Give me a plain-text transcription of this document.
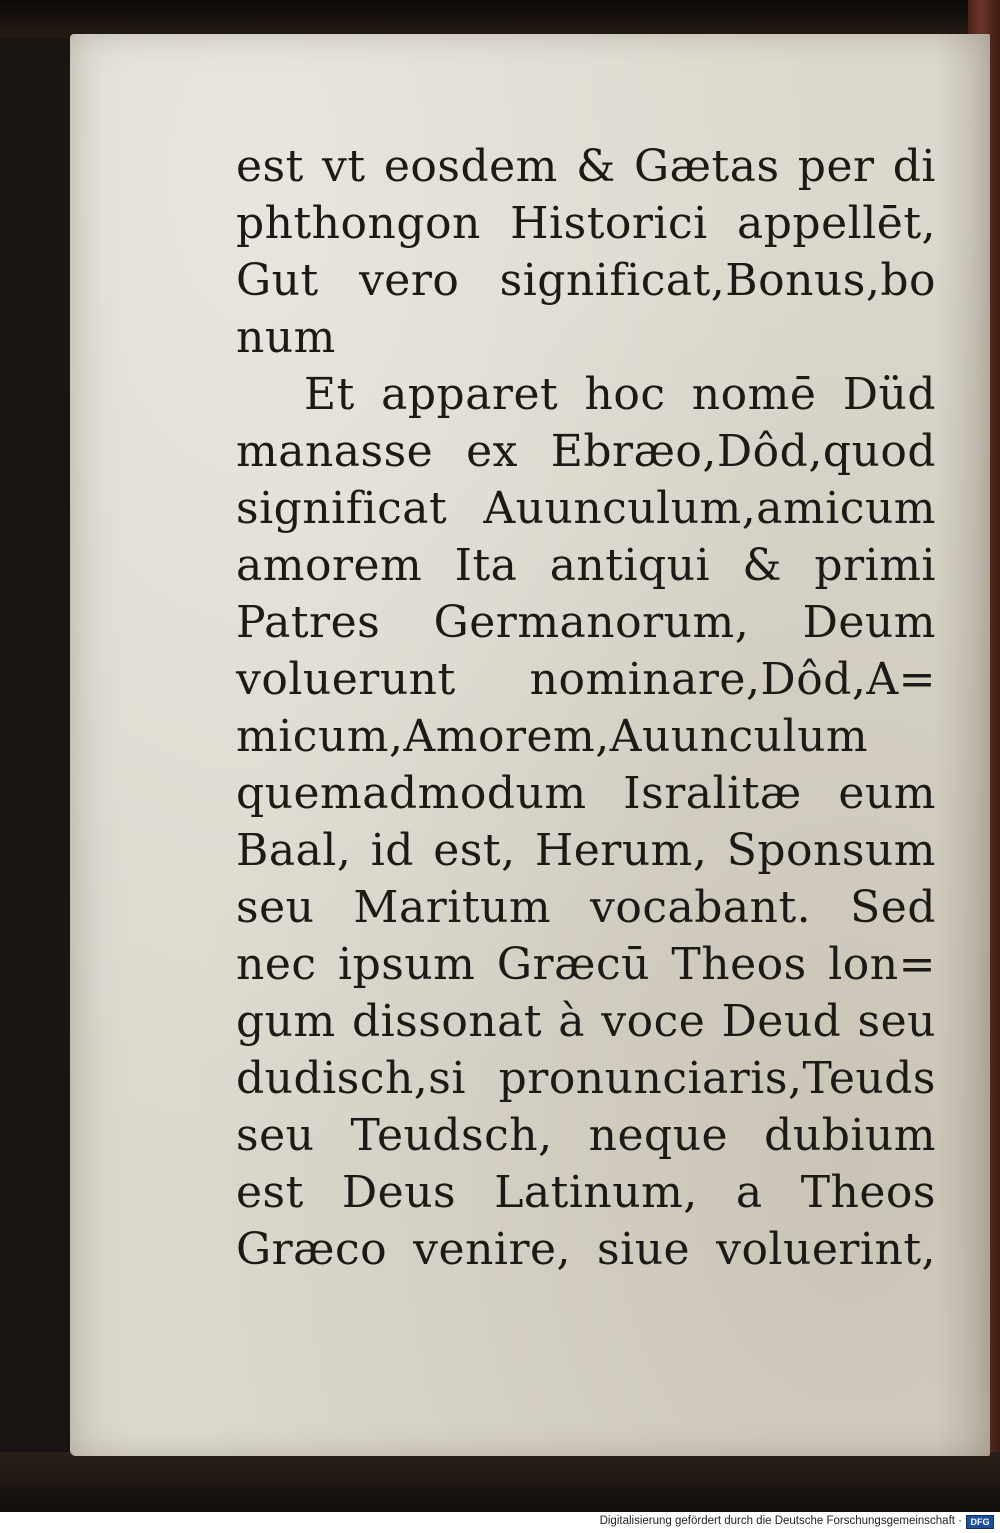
est vt eosdem & Gætas per di
phthongon Historici appellēt,
Gut vero significat,Bonus,bo
num
Et apparet hoc nomē Düd
manasse ex Ebræo,Dôd,quod
significat Auunculum,amicum
amorem Ita antiqui & primi
Patres Germanorum, Deum
voluerunt nominare,Dôd,A=
micum,Amorem,Auunculum
quemadmodum Isralitæ eum
Baal, id est, Herum, Sponsum
seu Maritum vocabant. Sed
nec ipsum Græcū Theos lon=
gum dissonat à voce Deud seu
dudisch,si pronunciaris,Teuds
seu Teudsch, neque dubium
est Deus Latinum, a Theos
Græco venire, siue voluerint,
Digitalisierung gefördert durch die Deutsche Forschungsgemeinschaft · DFG
